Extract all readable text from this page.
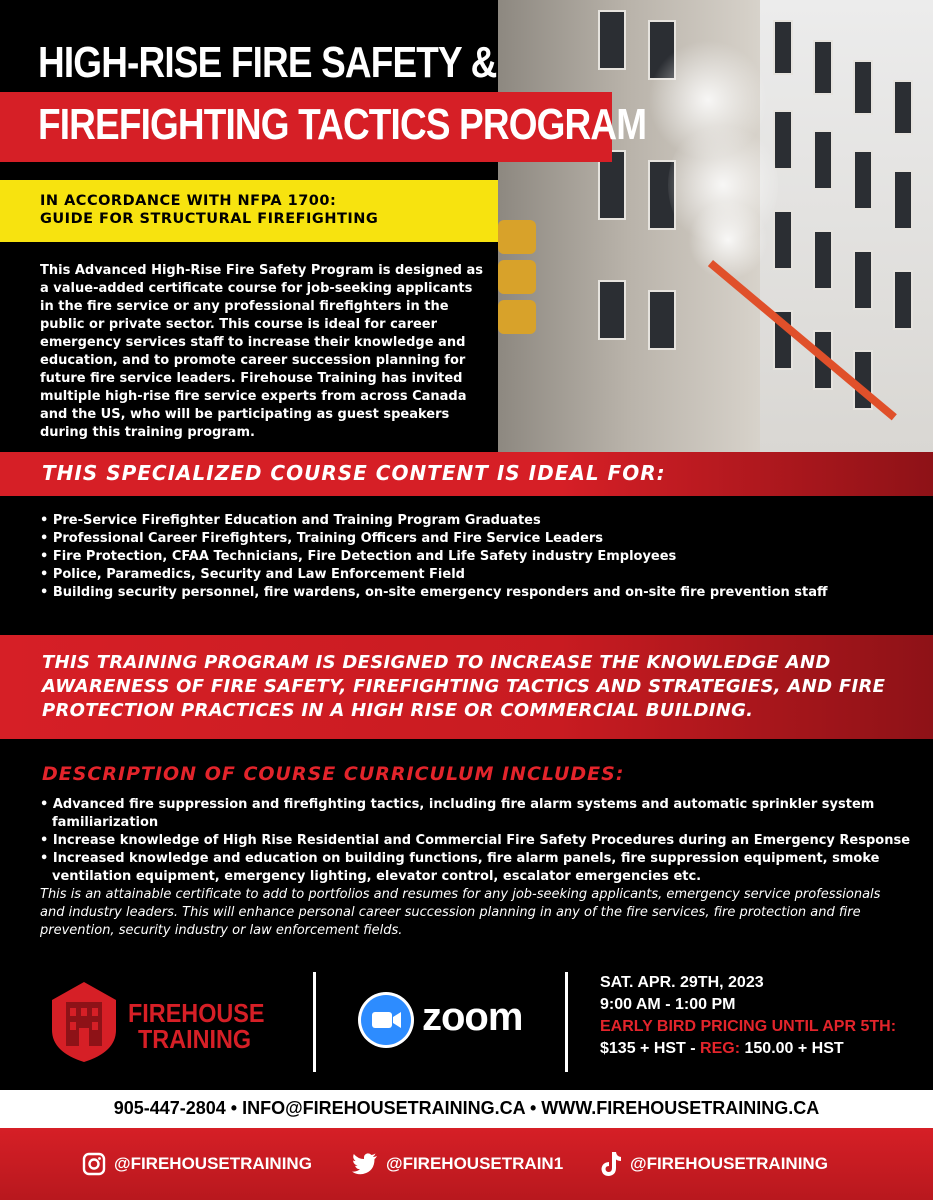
HIGH-RISE FIRE SAFETY &
FIREFIGHTING TACTICS PROGRAM
IN ACCORDANCE WITH NFPA 1700:
GUIDE FOR STRUCTURAL FIREFIGHTING

This Advanced High-Rise Fire Safety Program is designed as a value-added certificate course for job-seeking applicants in the fire service or any professional firefighters in the public or private sector. This course is ideal for career emergency services staff to increase their knowledge and education, and to promote career succession planning for future fire service leaders. Firehouse Training has invited multiple high-rise fire service experts from across Canada and the US, who will be participating as guest speakers during this training program.

THIS SPECIALIZED COURSE CONTENT IS IDEAL FOR:
• Pre-Service Firefighter Education and Training Program Graduates
• Professional Career Firefighters, Training Officers and Fire Service Leaders
• Fire Protection, CFAA Technicians, Fire Detection and Life Safety industry Employees
• Police, Paramedics, Security and Law Enforcement Field
• Building security personnel, fire wardens, on-site emergency responders and on-site fire prevention staff

THIS TRAINING PROGRAM IS DESIGNED TO INCREASE THE KNOWLEDGE AND AWARENESS OF FIRE SAFETY, FIREFIGHTING TACTICS AND STRATEGIES, AND FIRE PROTECTION PRACTICES IN A HIGH RISE OR COMMERCIAL BUILDING.

DESCRIPTION OF COURSE CURRICULUM INCLUDES:
• Advanced fire suppression and firefighting tactics, including fire alarm systems and automatic sprinkler system familiarization
• Increase knowledge of High Rise Residential and Commercial Fire Safety Procedures during an Emergency Response
• Increased knowledge and education on building functions, fire alarm panels, fire suppression equipment, smoke ventilation equipment, emergency lighting, elevator control, escalator emergencies etc.

This is an attainable certificate to add to portfolios and resumes for any job-seeking applicants, emergency service professionals and industry leaders. This will enhance personal career succession planning in any of the fire services, fire protection and fire prevention, security industry or law enforcement fields.

FIREHOUSE
TRAINING	zoom
SAT. APR. 29TH, 2023
9:00 AM - 1:00 PM
EARLY BIRD PRICING UNTIL APR 5TH:
$135 + HST - REG: 150.00 + HST
905-447-2804 • INFO@FIREHOUSETRAINING.CA • WWW.FIREHOUSETRAINING.CA
@FIREHOUSETRAINING	@FIREHOUSETRAIN1	@FIREHOUSETRAINING
